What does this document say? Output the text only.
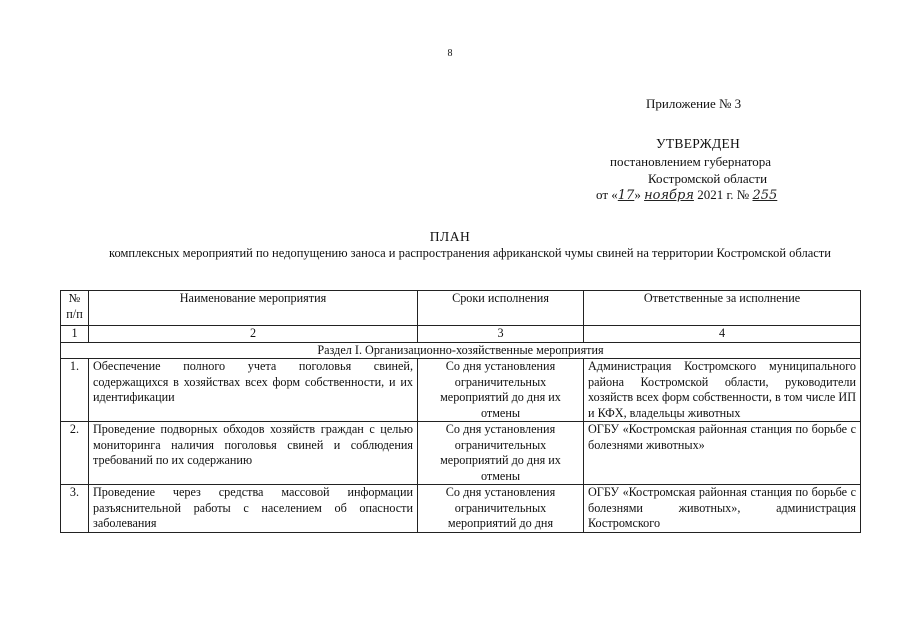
8
Приложение № 3
УТВЕРЖДЕН
постановлением губернатора
Костромской области
от «17» ноября 2021 г. № 255
ПЛАН
комплексных мероприятий по недопущению заноса и распространения африканской чумы свиней на территории Костромской области
№ п/п	Наименование мероприятия	Сроки исполнения	Ответственные за исполнение
1	2	3	4
Раздел I. Организационно-хозяйственные мероприятия			
1.	Обеспечение полного учета поголовья свиней, содержащихся в хозяйствах всех форм собственности, и их идентификации	Со дня установления ограничительных мероприятий до дня их отмены	Администрация Костромского муниципального района Костромской области, руководители хозяйств всех форм собственности, в том числе ИП и КФХ, владельцы животных
2.	Проведение подворных обходов хозяйств граждан с целью мониторинга наличия поголовья свиней и соблюдения требований по их содержанию	Со дня установления ограничительных мероприятий до дня их отмены	ОГБУ «Костромская районная станция по борьбе с болезнями животных»
3.	Проведение через средства массовой информации разъяснительной работы с населением об опасности заболевания	Со дня установления ограничительных мероприятий до дня	ОГБУ «Костромская районная станция по борьбе с болезнями животных», администрация Костромского
